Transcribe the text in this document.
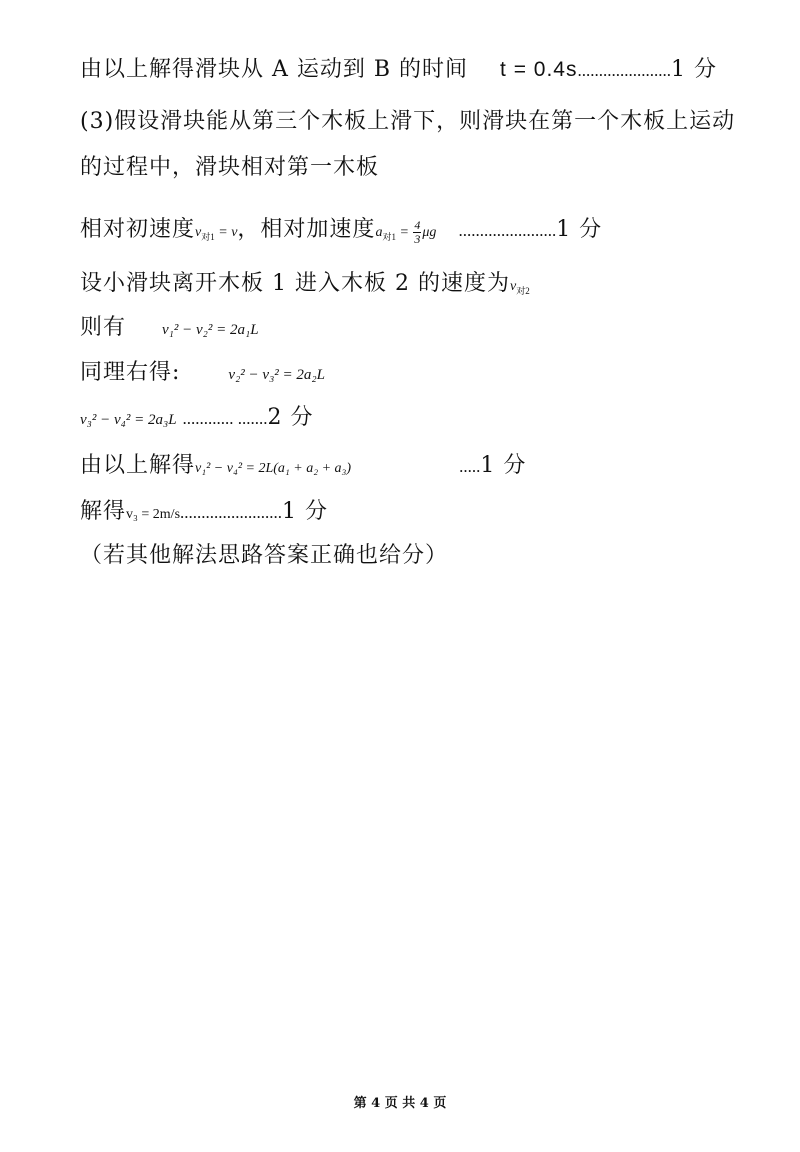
由以上解得滑块从 A 运动到 B 的时间 t = 0.4s......................1 分
(3)假设滑块能从第三个木板上滑下，则滑块在第一个木板上运动
的过程中，滑块相对第一木板
相对初速度$v_{对1} = v$，相对加速度$a_{对1} = \frac{4}{3}$ μg .......................1 分
设小滑块离开木板 1 进入木板 2 的速度为$v_{对2}$
则有 v₁² − v₂² = 2a₁L
同理右得:	v₂² − v₃² = 2a₂L
v₃² − v₄² = 2a₃L ............ .......2 分
由以上解得v₁² − v₄² = 2L(a₁ + a₂ + a₃)	.....1 分
解得v₃ = 2m/s........................1 分
（若其他解法思路答案正确也给分）
第 4 页 共 4 页
